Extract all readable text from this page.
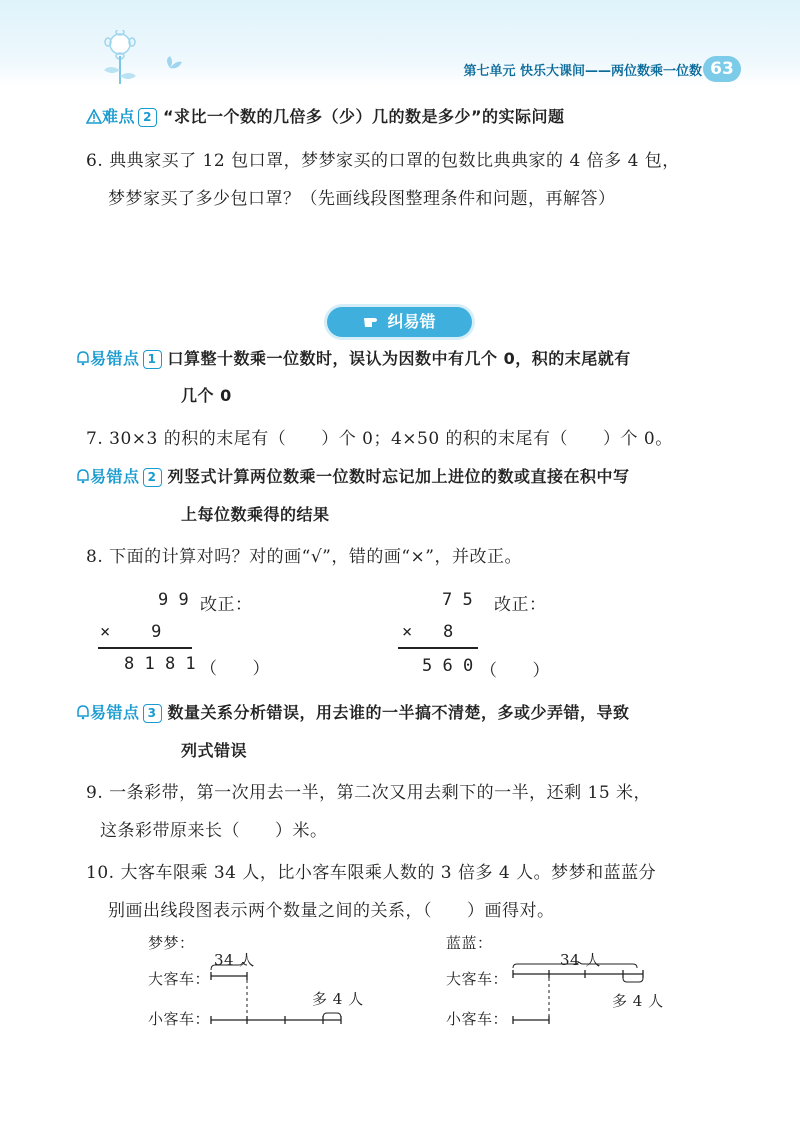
第七单元 快乐大课间——两位数乘一位数 63
难点 2 “求比一个数的几倍多（少）几的数是多少”的实际问题
6. 典典家买了 12 包口罩，梦梦家买的口罩的包数比典典家的 4 倍多 4 包，
梦梦家买了多少包口罩？（先画线段图整理条件和问题，再解答）
纠易错
易错点 1 口算整十数乘一位数时，误认为因数中有几个 0，积的末尾就有
几个 0
7. 30×3 的积的末尾有（　　）个 0；4×50 的积的末尾有（　　）个 0。
易错点 2 列竖式计算两位数乘一位数时忘记加上进位的数或直接在积中写
上每位数乘得的结果
8. 下面的计算对吗？对的画“√”，错的画“×”，并改正。
9 9 改正：
×    9
8 1 8 1 （　　）
7 5 改正：
×   8
5 6 0 （　　）
易错点 3 数量关系分析错误，用去谁的一半搞不清楚，多或少弄错，导致
列式错误
9. 一条彩带，第一次用去一半，第二次又用去剩下的一半，还剩 15 米，
这条彩带原来长（　　）米。
10. 大客车限乘 34 人，比小客车限乘人数的 3 倍多 4 人。梦梦和蓝蓝分
别画出线段图表示两个数量之间的关系，（　　）画得对。
梦梦：
34 人
大客车：
多 4 人
小客车：
蓝蓝：
34 人
大客车：
多 4 人
小客车：
